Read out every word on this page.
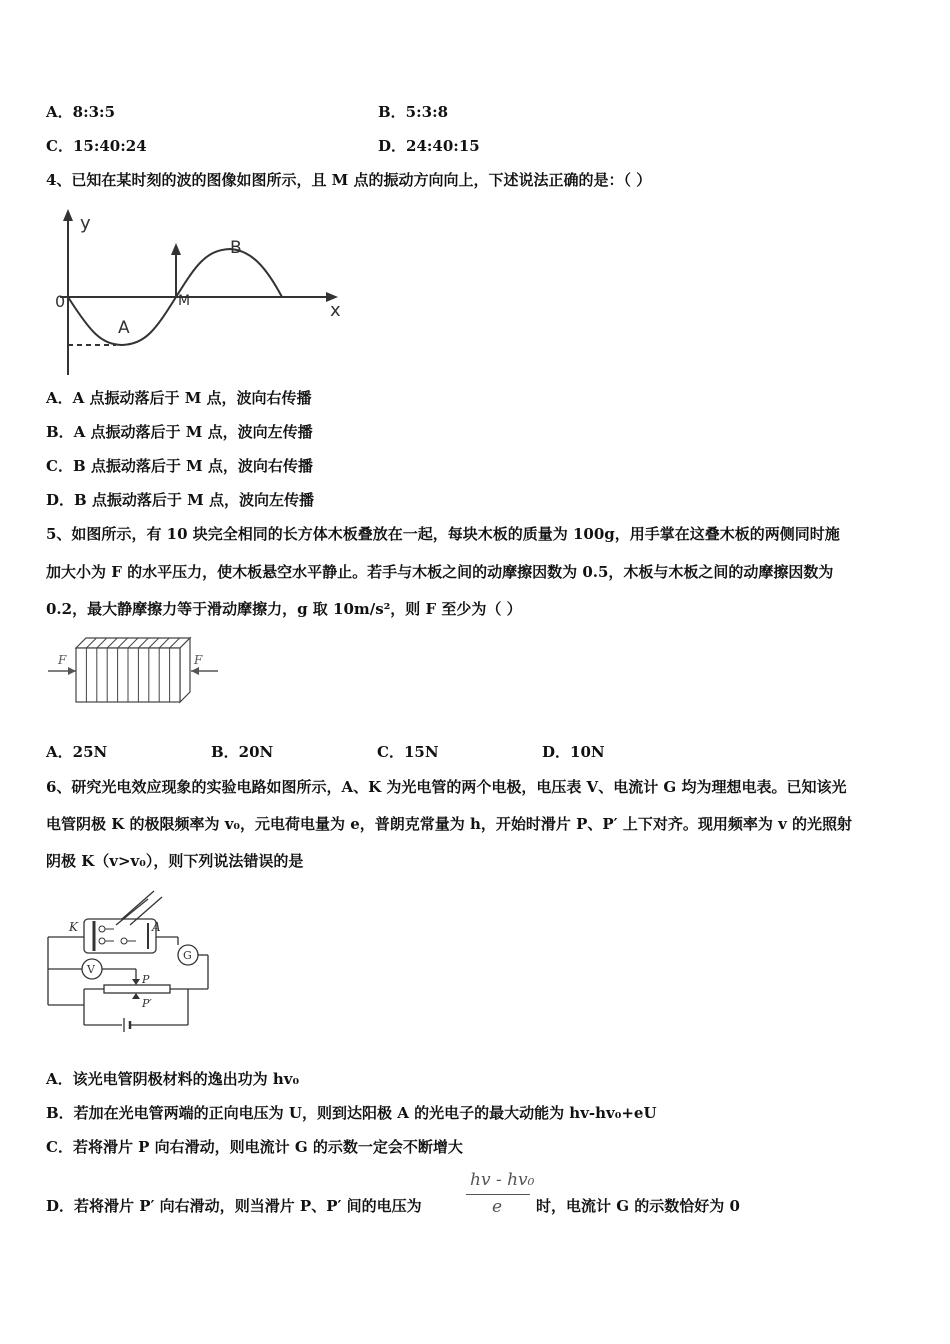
A．8:3:5	B．5:3:8
C．15:40:24	D．24:40:15
4、已知在某时刻的波的图像如图所示，且 M 点的振动方向向上，下述说法正确的是：（ ）
y
x
0	M
A
B
A．A 点振动落后于 M 点，波向右传播
B．A 点振动落后于 M 点，波向左传播
C．B 点振动落后于 M 点，波向右传播
D．B 点振动落后于 M 点，波向左传播
5、如图所示，有 10 块完全相同的长方体木板叠放在一起，每块木板的质量为 100g，用手掌在这叠木板的两侧同时施
加大小为 F 的水平压力，使木板悬空水平静止。若手与木板之间的动摩擦因数为 0.5，木板与木板之间的动摩擦因数为
0.2，最大静摩擦力等于滑动摩擦力，g 取 10m/s²，则 F 至少为（ ）
F	F
A．25N	B．20N	C．15N	D．10N
6、研究光电效应现象的实验电路如图所示，A、K 为光电管的两个电极，电压表 V、电流计 G 均为理想电表。已知该光
电管阴极 K 的极限频率为 v₀，元电荷电量为 e，普朗克常量为 h，开始时滑片 P、P′ 上下对齐。现用频率为 v 的光照射
阴极 K（v>v₀），则下列说法错误的是
K	A
G
V
P
P′
A．该光电管阴极材料的逸出功为 hv₀
B．若加在光电管两端的正向电压为 U，则到达阳极 A 的光电子的最大动能为 hv-hv₀+eU
C．若将滑片 P 向右滑动，则电流计 G 的示数一定会不断增大
D．若将滑片 P′ 向右滑动，则当滑片 P、P′ 间的电压为
hv - hv₀
e 时，电流计 G 的示数恰好为 0
